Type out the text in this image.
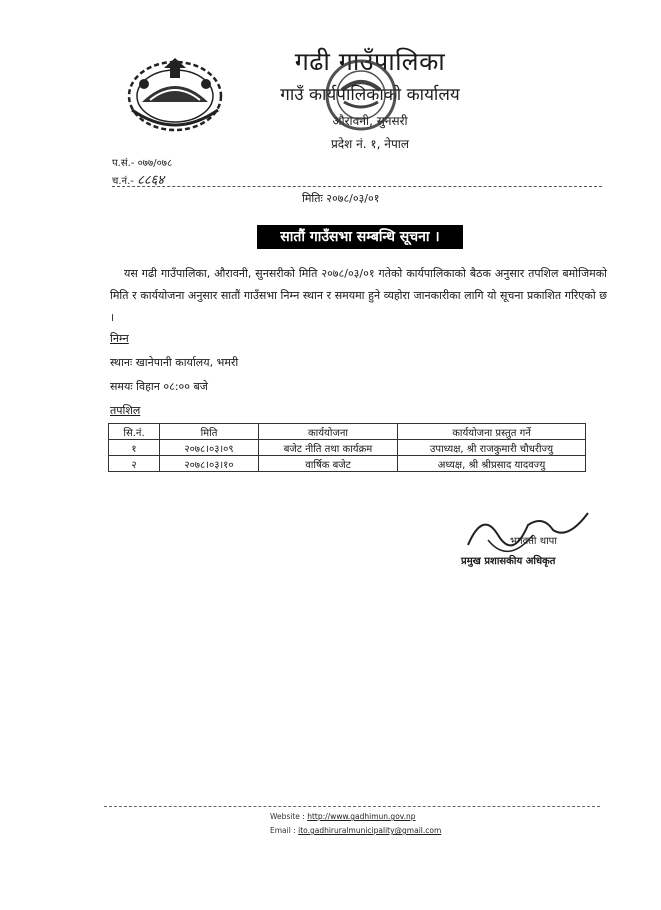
गढी गाउँपालिका
गाउँ कार्यपालिकाको कार्यालय
औरावनी, सुनसरी
प्रदेश नं. १, नेपाल
प.सं.- ०७७/०७८
च.नं.- ८८६४
मितिः २०७८/०३/०१
सातौं गाउँसभा सम्बन्धि सूचना ।
यस गढी गाउँपालिका, औरावनी, सुनसरीको मिति २०७८/०३/०१ गतेको कार्यपालिकाको बैठक अनुसार तपशिल बमोजिमको मिति र कार्ययोजना अनुसार सातौं गाउँसभा निम्न स्थान र समयमा हुने व्यहोरा जानकारीका लागि यो सूचना प्रकाशित गरिएको छ ।
निम्न
स्थानः खानेपानी कार्यालय, भमरी
समयः विहान ०८:०० बजे
तपशिल
सि.नं.	मिति	कार्ययोजना	कार्ययोजना प्रस्तुत गर्ने
१	२०७८।०३।०९	बजेट नीति तथा कार्यक्रम	उपाध्यक्ष, श्री राजकुमारी चौधरीज्यु
२	२०७८।०३।१०	वार्षिक बजेट	अध्यक्ष, श्री श्रीप्रसाद यादवज्यु
भगवती थापा
प्रमुख प्रशासकीय अधिकृत
Website : http://www.gadhimun.gov.np
Email : ito.gadhiruralmunicipality@gmail.com
